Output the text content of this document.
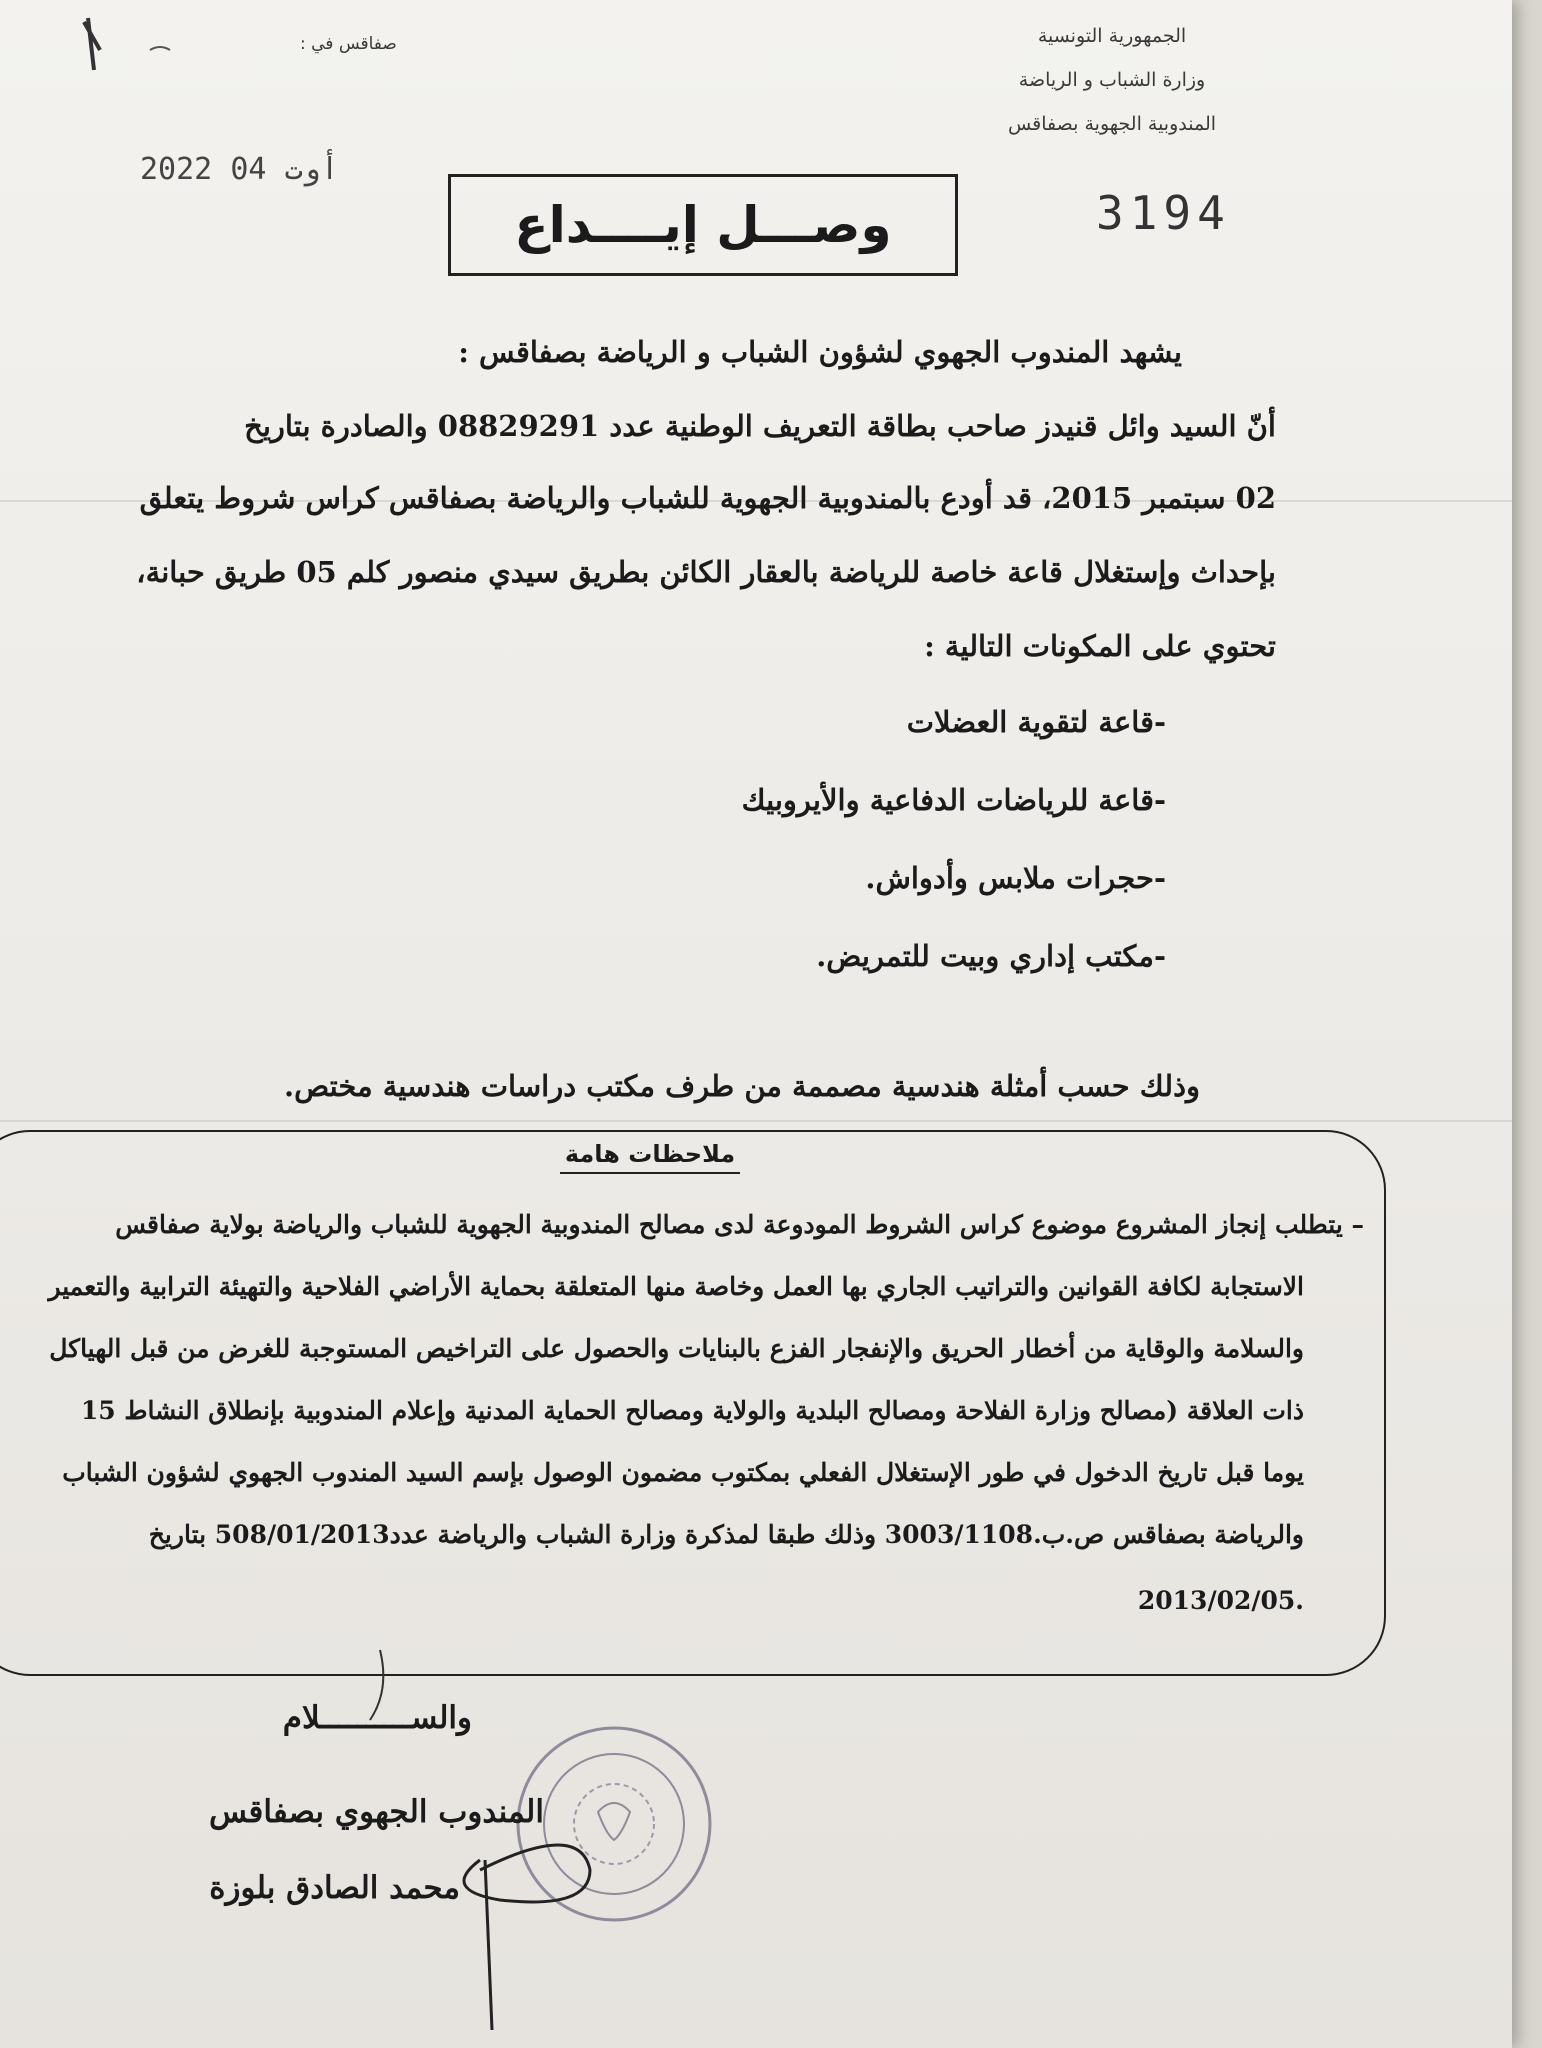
الجمهورية التونسية
وزارة الشباب و الرياضة
المندوبية الجهوية بصفاقس
صفاقس في :
2022 أوت 04
وصـــل إيــــداع	3194
يشهد المندوب الجهوي لشؤون الشباب و الرياضة بصفاقس :
أنّ السيد وائل قنيدز صاحب بطاقة التعريف الوطنية عدد 08829291 والصادرة بتاريخ
02 سبتمبر 2015، قد أودع بالمندوبية الجهوية للشباب والرياضة بصفاقس كراس شروط يتعلق
بإحداث وإستغلال قاعة خاصة للرياضة بالعقار الكائن بطريق سيدي منصور كلم 05 طريق حبانة،
تحتوي على المكونات التالية :
-قاعة لتقوية العضلات
-قاعة للرياضات الدفاعية والأيروبيك
-حجرات ملابس وأدواش.
-مكتب إداري وبيت للتمريض.
وذلك حسب أمثلة هندسية مصممة من طرف مكتب دراسات هندسية مختص.
ملاحظات هامة
– يتطلب إنجاز المشروع موضوع كراس الشروط المودوعة لدى مصالح المندوبية الجهوية للشباب والرياضة بولاية صفاقس
الاستجابة لكافة القوانين والتراتيب الجاري بها العمل وخاصة منها المتعلقة بحماية الأراضي الفلاحية والتهيئة الترابية والتعمير
والسلامة والوقاية من أخطار الحريق والإنفجار الفزع بالبنايات والحصول على التراخيص المستوجبة للغرض من قبل الهياكل
ذات العلاقة (مصالح وزارة الفلاحة ومصالح البلدية والولاية ومصالح الحماية المدنية وإعلام المندوبية بإنطلاق النشاط 15
يوما قبل تاريخ الدخول في طور الإستغلال الفعلي بمكتوب مضمون الوصول بإسم السيد المندوب الجهوي لشؤون الشباب
والرياضة بصفاقس ص.ب.3003/1108 وذلك طبقا لمذكرة وزارة الشباب والرياضة عدد508/01/2013 بتاريخ
.2013/02/05
والســــــــــلام
المندوب الجهوي بصفاقس
محمد الصادق بلوزة
